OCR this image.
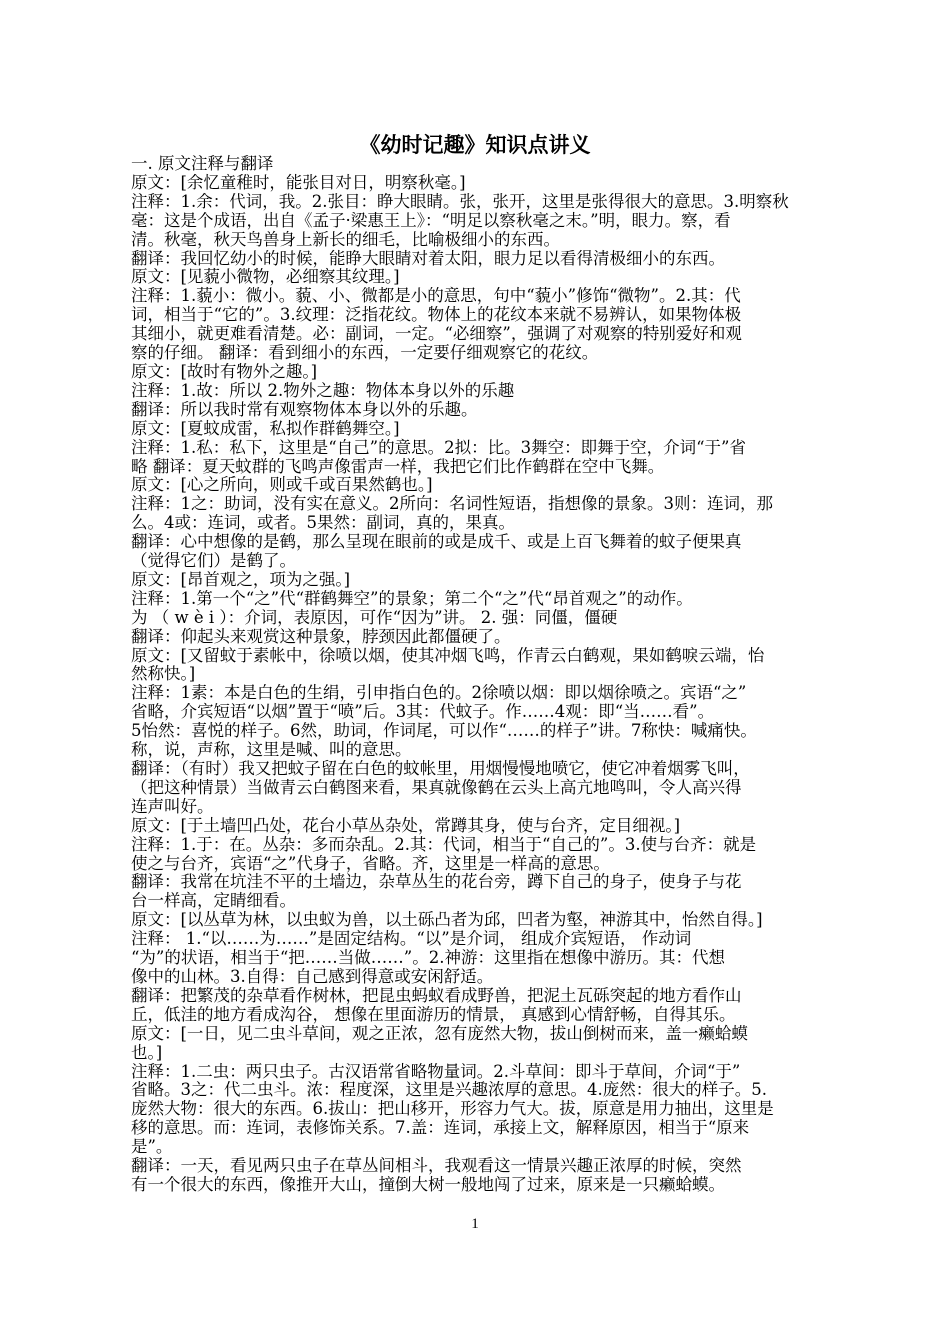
《幼时记趣》知识点讲义
一. 原文注释与翻译
原文：[余忆童稚时，能张目对日，明察秋毫。]
注释：1.余：代词，我。2.张目：睁大眼睛。张，张开，这里是张得很大的意思。3.明察秋
毫：这是个成语，出自《孟子·梁惠王上》：“明足以察秋毫之末。”明，眼力。察，看
清。秋毫，秋天鸟兽身上新长的细毛，比喻极细小的东西。
翻译：我回忆幼小的时候，能睁大眼睛对着太阳，眼力足以看得清极细小的东西。
原文：[见藐小微物，必细察其纹理。]
注释：1.藐小：微小。藐、小、微都是小的意思，句中“藐小”修饰“微物”。2.其：代
词，相当于“它的”。3.纹理：泛指花纹。物体上的花纹本来就不易辨认，如果物体极
其细小，就更难看清楚。必：副词，一定。“必细察”，强调了对观察的特别爱好和观
察的仔细。 翻译：看到细小的东西，一定要仔细观察它的花纹。
原文：[故时有物外之趣。]
注释：1.故：所以 2.物外之趣：物体本身以外的乐趣
翻译：所以我时常有观察物体本身以外的乐趣。
原文：[夏蚊成雷，私拟作群鹤舞空。]
注释：1.私：私下，这里是“自己”的意思。2拟：比。3舞空：即舞于空，介词“于”省
略 翻译：夏天蚊群的飞鸣声像雷声一样，我把它们比作鹤群在空中飞舞。
原文：[心之所向，则或千或百果然鹤也。]
注释：1之：助词，没有实在意义。2所向：名词性短语，指想像的景象。3则：连词，那
么。4或：连词，或者。5果然：副词，真的，果真。
翻译：心中想像的是鹤，那么呈现在眼前的或是成千、或是上百飞舞着的蚊子便果真
（觉得它们）是鹤了。
原文：[昂首观之，项为之强。]
注释：1.第一个“之”代“群鹤舞空”的景象；第二个“之”代“昂首观之”的动作。
为 （ w è i ）：介词，表原因，可作“因为”讲。 2. 强：同僵，僵硬
翻译：仰起头来观赏这种景象，脖颈因此都僵硬了。
原文：[又留蚊于素帐中，徐喷以烟，使其冲烟飞鸣，作青云白鹤观，果如鹤唳云端，怡
然称快。]
注释：1素：本是白色的生绢，引申指白色的。2徐喷以烟：即以烟徐喷之。宾语“之”
省略，介宾短语“以烟”置于“喷”后。3其：代蚊子。作……4观：即“当……看”。
5怡然：喜悦的样子。6然，助词，作词尾，可以作“……的样子”讲。7称快：喊痛快。
称，说，声称，这里是喊、叫的意思。
翻译：（有时）我又把蚊子留在白色的蚊帐里，用烟慢慢地喷它，使它冲着烟雾飞叫，
（把这种情景）当做青云白鹤图来看，果真就像鹤在云头上高亢地鸣叫，令人高兴得
连声叫好。
原文：[于土墙凹凸处，花台小草丛杂处，常蹲其身，使与台齐，定目细视。]
注释：1.于：在。丛杂：多而杂乱。2.其：代词，相当于“自己的”。3.使与台齐：就是
使之与台齐，宾语“之”代身子，省略。齐，这里是一样高的意思。
翻译：我常在坑洼不平的土墙边，杂草丛生的花台旁，蹲下自己的身子，使身子与花
台一样高，定睛细看。
原文：[以丛草为林，以虫蚁为兽，以土砾凸者为邱，凹者为壑，神游其中，怡然自得。]
注释： 1.“以……为……”是固定结构。“以”是介词， 组成介宾短语， 作动词
“为”的状语，相当于“把……当做……”。2.神游：这里指在想像中游历。其：代想
像中的山林。3.自得：自己感到得意或安闲舒适。
翻译：把繁茂的杂草看作树林，把昆虫蚂蚁看成野兽，把泥土瓦砾突起的地方看作山
丘，低洼的地方看成沟谷， 想像在里面游历的情景， 真感到心情舒畅，自得其乐。
原文：[一日，见二虫斗草间，观之正浓，忽有庞然大物，拔山倒树而来，盖一癞蛤蟆
也。]
注释：1.二虫：两只虫子。古汉语常省略物量词。2.斗草间：即斗于草间，介词“于”
省略。3之：代二虫斗。浓：程度深，这里是兴趣浓厚的意思。4.庞然：很大的样子。5.
庞然大物：很大的东西。6.拔山：把山移开，形容力气大。拔，原意是用力抽出，这里是
移的意思。而：连词，表修饰关系。7.盖：连词，承接上文，解释原因，相当于“原来
是”。
翻译：一天，看见两只虫子在草丛间相斗，我观看这一情景兴趣正浓厚的时候，突然
有一个很大的东西，像推开大山，撞倒大树一般地闯了过来，原来是一只癞蛤蟆。
1
